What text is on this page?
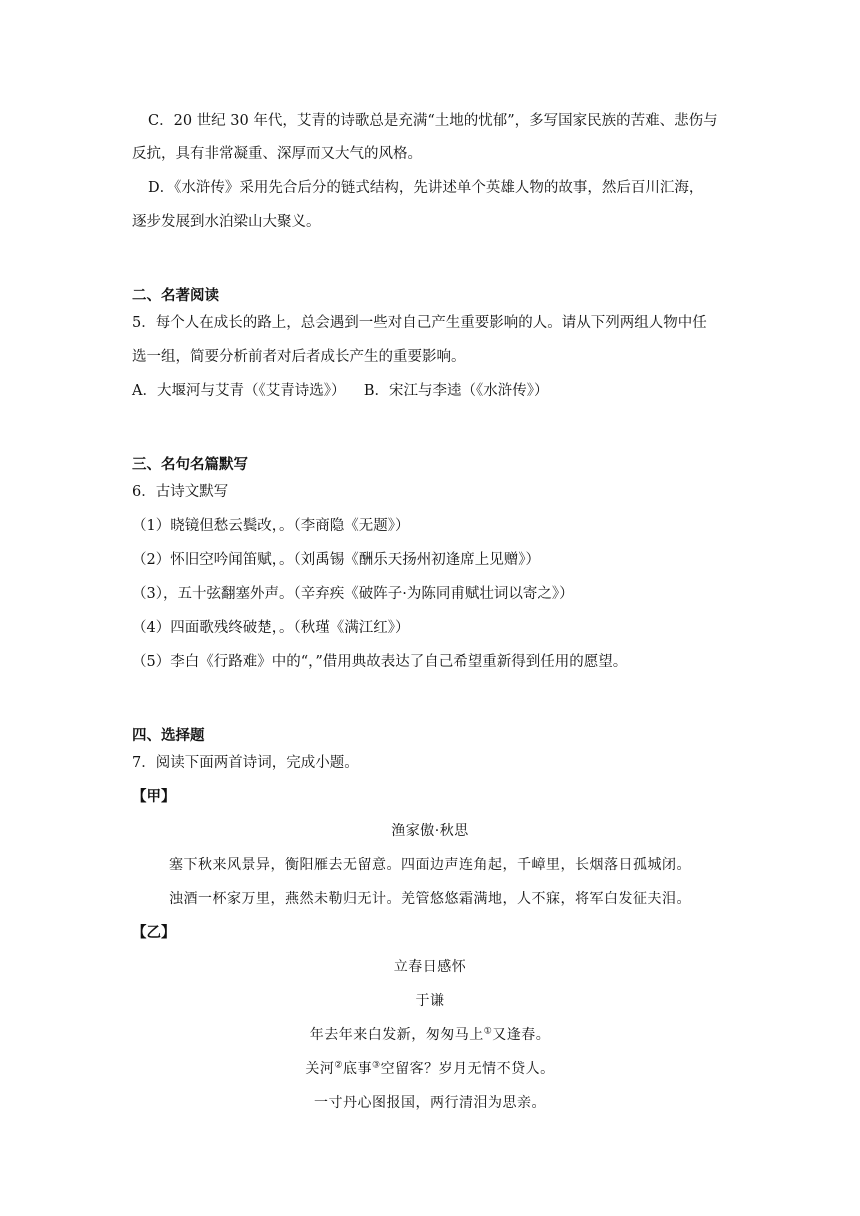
C．20 世纪 30 年代，艾青的诗歌总是充满“土地的忧郁”，多写国家民族的苦难、悲伤与
反抗，具有非常凝重、深厚而又大气的风格。
D．《水浒传》采用先合后分的链式结构，先讲述单个英雄人物的故事，然后百川汇海，
逐步发展到水泊梁山大聚义。
二、名著阅读
5．每个人在成长的路上，总会遇到一些对自己产生重要影响的人。请从下列两组人物中任
选一组，简要分析前者对后者成长产生的重要影响。
A．大堰河与艾青（《艾青诗选》）    B．宋江与李逵（《水浒传》）
三、名句名篇默写
6．古诗文默写
（1）晓镜但愁云鬓改，。（李商隐《无题》）
（2）怀旧空吟闻笛赋，。（刘禹锡《酬乐天扬州初逢席上见赠》）
（3），五十弦翻塞外声。（辛弃疾《破阵子·为陈同甫赋壮词以寄之》）
（4）四面歌残终破楚，。（秋瑾《满江红》）
（5）李白《行路难》中的“，”借用典故表达了自己希望重新得到任用的愿望。
四、选择题
7．阅读下面两首诗词，完成小题。
【甲】
渔家傲·秋思
塞下秋来风景异，衡阳雁去无留意。四面边声连角起，千嶂里，长烟落日孤城闭。
浊酒一杯家万里，燕然未勒归无计。羌管悠悠霜满地，人不寐，将军白发征夫泪。
【乙】
立春日感怀
于谦
年去年来白发新，匆匆马上①又逢春。
关河②底事③空留客？岁月无情不贷人。
一寸丹心图报国，两行清泪为思亲。
